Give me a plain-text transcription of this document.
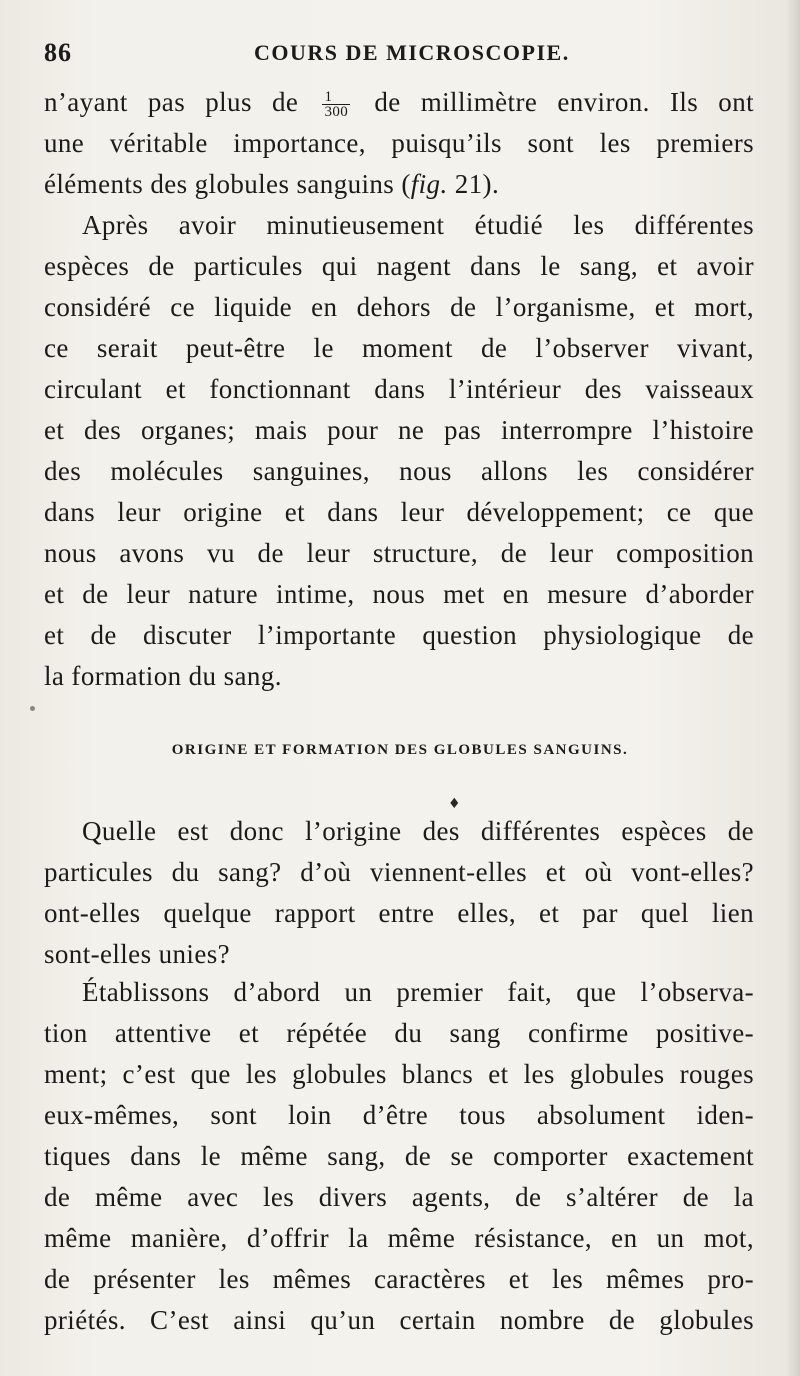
86	COURS DE MICROSCOPIE.
n’ayant pas plus de $\frac{1}{300}$ de millimètre environ. Ils ont
une véritable importance, puisqu’ils sont les premiers
éléments des globules sanguins (fig. 21).
Après avoir minutieusement étudié les différentes
espèces de particules qui nagent dans le sang, et avoir
considéré ce liquide en dehors de l’organisme, et mort,
ce serait peut-être le moment de l’observer vivant,
circulant et fonctionnant dans l’intérieur des vaisseaux
et des organes; mais pour ne pas interrompre l’histoire
des molécules sanguines, nous allons les considérer
dans leur origine et dans leur développement; ce que
nous avons vu de leur structure, de leur composition
et de leur nature intime, nous met en mesure d’aborder
et de discuter l’importante question physiologique de
la formation du sang.
ORIGINE ET FORMATION DES GLOBULES SANGUINS.
♦
Quelle est donc l’origine des différentes espèces de
particules du sang? d’où viennent-elles et où vont-elles?
ont-elles quelque rapport entre elles, et par quel lien
sont-elles unies?
Établissons d’abord un premier fait, que l’observa-
tion attentive et répétée du sang confirme positive-
ment; c’est que les globules blancs et les globules rouges
eux-mêmes, sont loin d’être tous absolument iden-
tiques dans le même sang, de se comporter exactement
de même avec les divers agents, de s’altérer de la
même manière, d’offrir la même résistance, en un mot,
de présenter les mêmes caractères et les mêmes pro-
priétés. C’est ainsi qu’un certain nombre de globules
